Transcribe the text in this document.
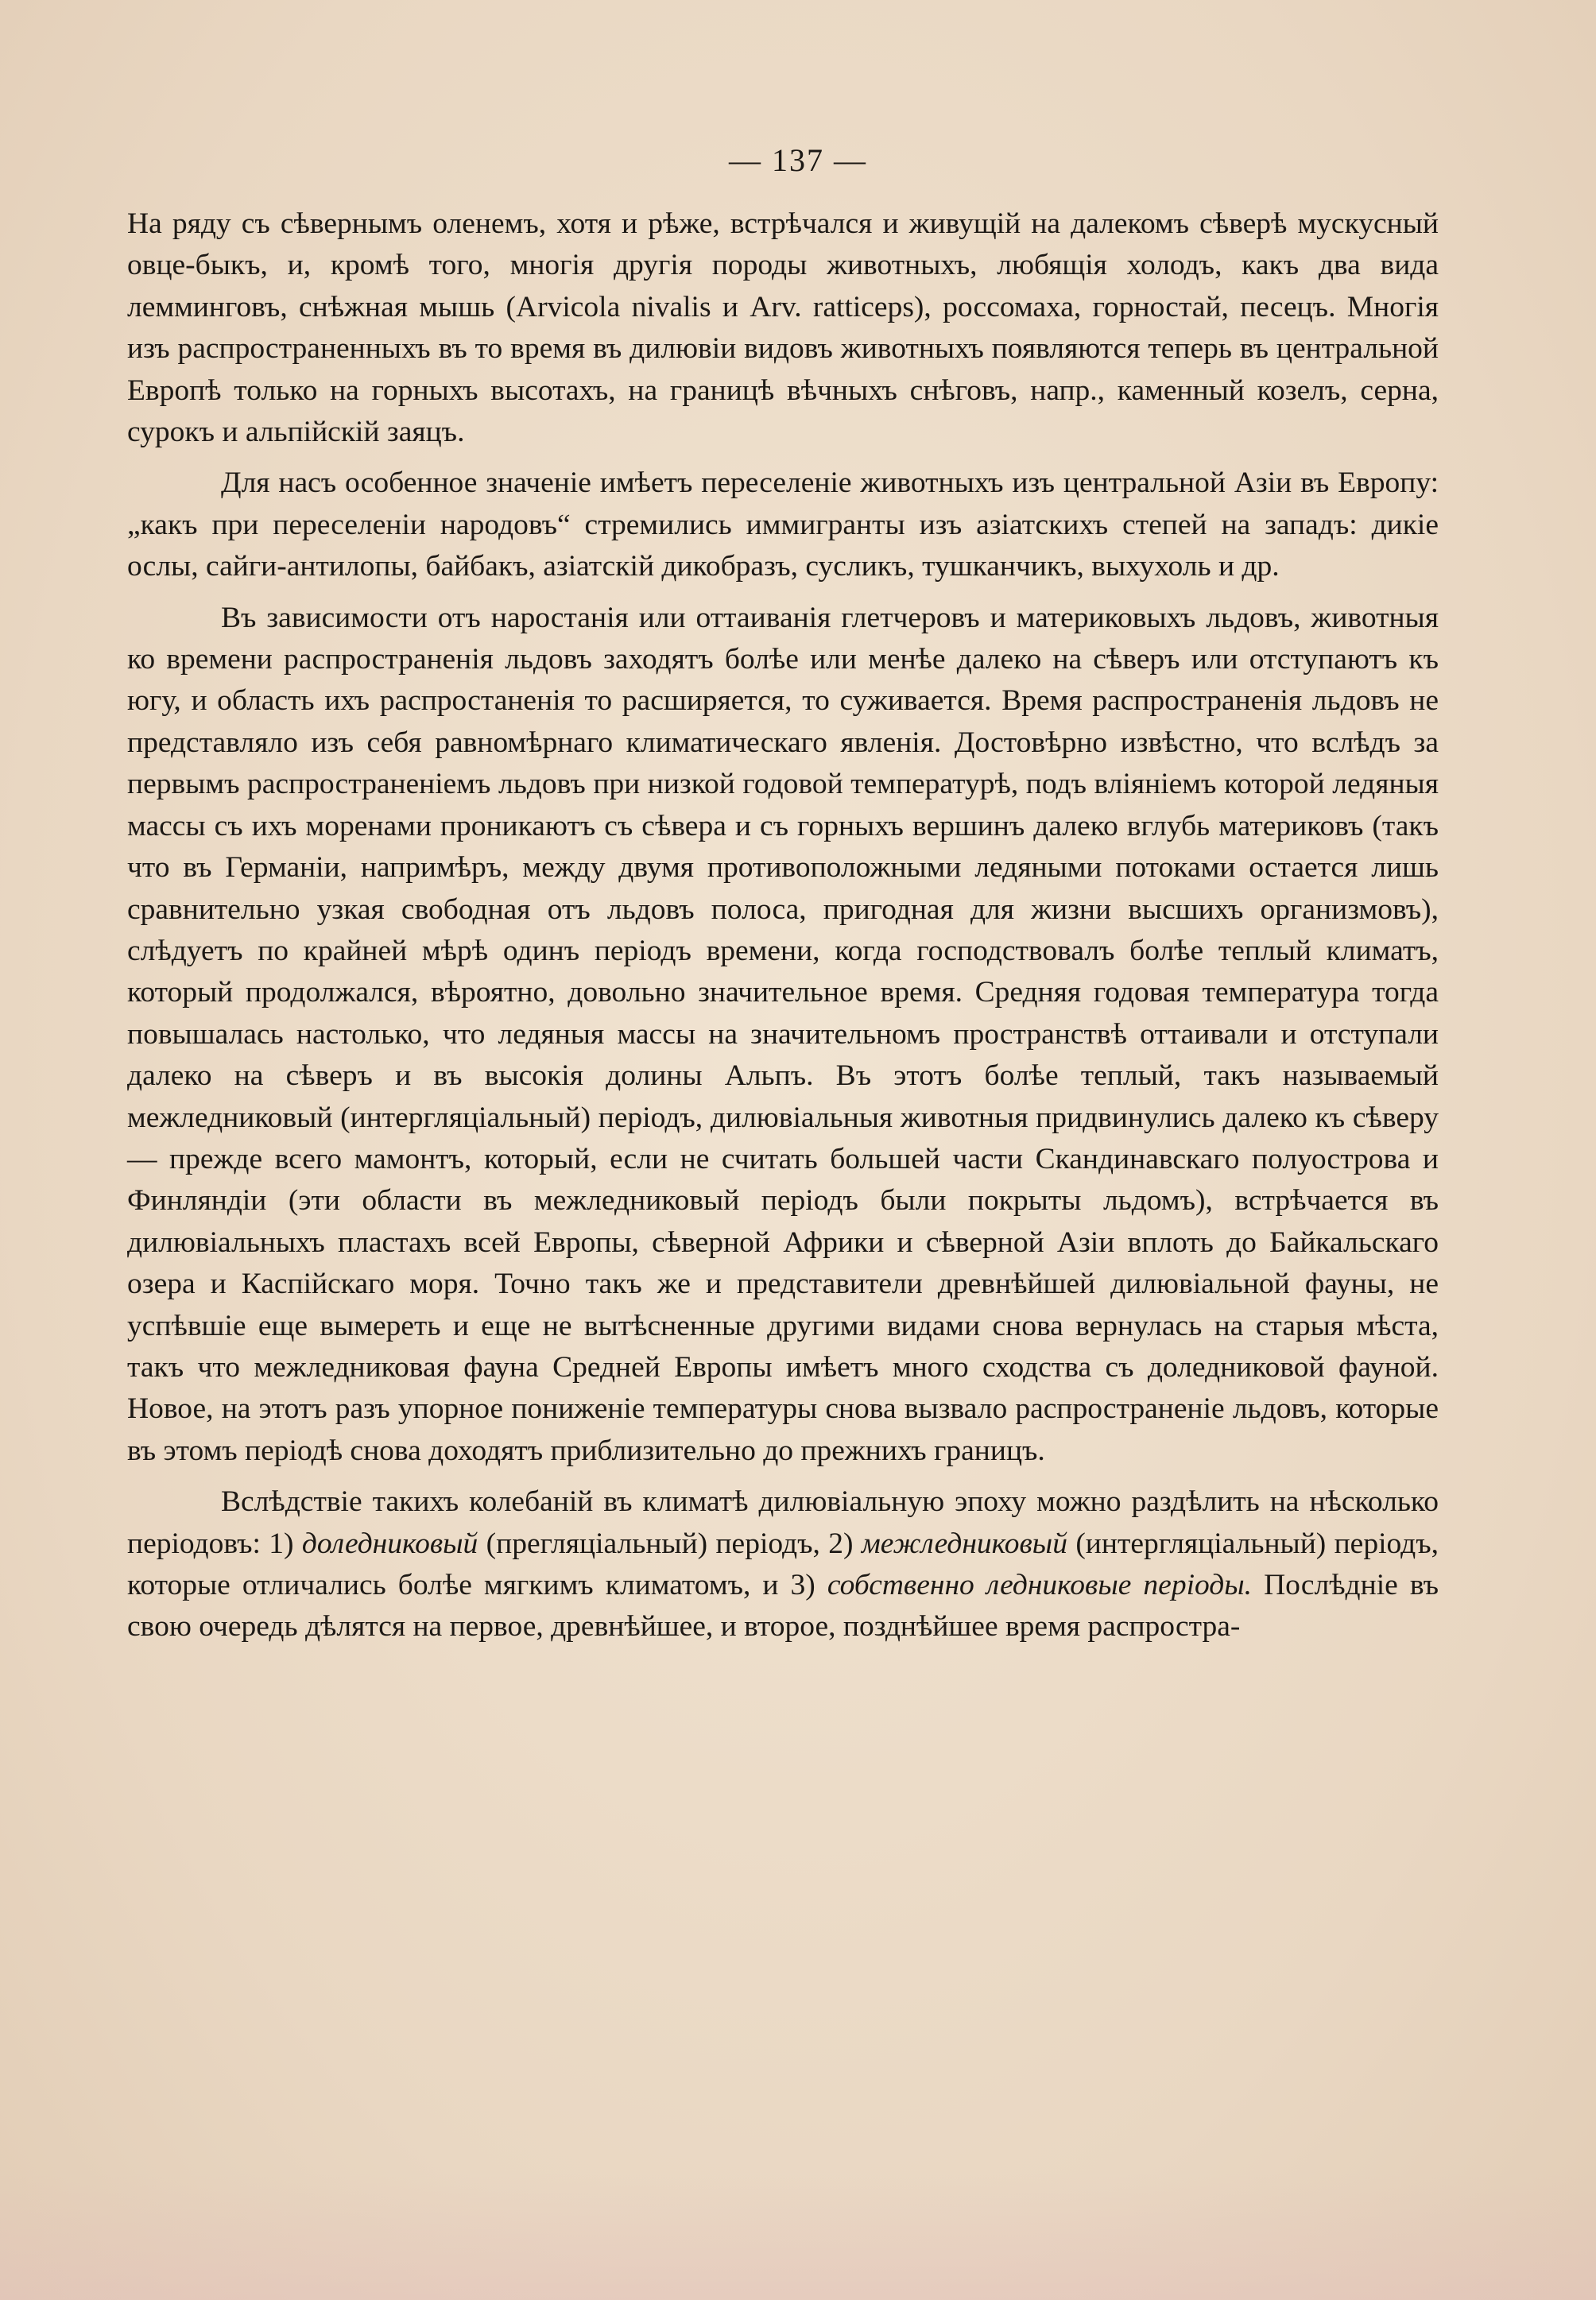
— 137 —

На ряду съ сѣвернымъ оленемъ, хотя и рѣже, встрѣчался и живущій на далекомъ сѣверѣ мускусный овце-быкъ, и, кромѣ того, многія другія породы животныхъ, любящія холодъ, какъ два вида лемминговъ, снѣжная мышь (Arvicola nivalis и Arv. ratticeps), россомаха, горностай, песецъ. Многія изъ распространенныхъ въ то время въ дилювіи видовъ животныхъ появляются теперь въ центральной Европѣ только на горныхъ высотахъ, на границѣ вѣчныхъ снѣговъ, напр., каменный козелъ, серна, сурокъ и альпійскій заяцъ.

Для насъ особенное значеніе имѣетъ переселеніе животныхъ изъ центральной Азіи въ Европу: „какъ при переселеніи народовъ“ стремились иммигранты изъ азіатскихъ степей на западъ: дикіе ослы, сайги-антилопы, байбакъ, азіатскій дикобразъ, сусликъ, тушканчикъ, выхухоль и др.

Въ зависимости отъ наростанія или оттаиванія глетчеровъ и материковыхъ льдовъ, животныя ко времени распространенія льдовъ заходятъ болѣе или менѣе далеко на сѣверъ или отступаютъ къ югу, и область ихъ распростаненія то расширяется, то суживается. Время распространенія льдовъ не представляло изъ себя равномѣрнаго климатическаго явленія. Достовѣрно извѣстно, что вслѣдъ за первымъ распространеніемъ льдовъ при низкой годовой температурѣ, подъ вліяніемъ которой ледяныя массы съ ихъ моренами проникаютъ съ сѣвера и съ горныхъ вершинъ далеко вглубь материковъ (такъ что въ Германіи, напримѣръ, между двумя противоположными ледяными потоками остается лишь сравнительно узкая свободная отъ льдовъ полоса, пригодная для жизни высшихъ организмовъ), слѣдуетъ по крайней мѣрѣ одинъ періодъ времени, когда господствовалъ болѣе теплый климатъ, который продолжался, вѣроятно, довольно значительное время. Средняя годовая температура тогда повышалась настолько, что ледяныя массы на значительномъ пространствѣ оттаивали и отступали далеко на сѣверъ и въ высокія долины Альпъ. Въ этотъ болѣе теплый, такъ называемый межледниковый (интергляціальный) періодъ, дилювіальныя животныя придвинулись далеко къ сѣверу — прежде всего мамонтъ, который, если не считать большей части Скандинавскаго полуострова и Финляндіи (эти области въ межледниковый періодъ были покрыты льдомъ), встрѣчается въ дилювіальныхъ пластахъ всей Европы, сѣверной Африки и сѣверной Азіи вплоть до Байкальскаго озера и Каспійскаго моря. Точно такъ же и представители древнѣйшей дилювіальной фауны, не успѣвшіе еще вымереть и еще не вытѣсненные другими видами снова вернулась на старыя мѣста, такъ что межледниковая фауна Средней Европы имѣетъ много сходства съ доледниковой фауной. Новое, на этотъ разъ упорное пониженіе температуры снова вызвало распространеніе льдовъ, которые въ этомъ періодѣ снова доходятъ приблизительно до прежнихъ границъ.

Вслѣдствіе такихъ колебаній въ климатѣ дилювіальную эпоху можно раздѣлить на нѣсколько періодовъ: 1) доледниковый (прегляціальный) періодъ, 2) межледниковый (интергляціальный) періодъ, которые отличались болѣе мягкимъ климатомъ, и 3) собственно ледниковые періоды. Послѣдніе въ свою очередь дѣлятся на первое, древнѣйшее, и второе, позднѣйшее время распростра-
